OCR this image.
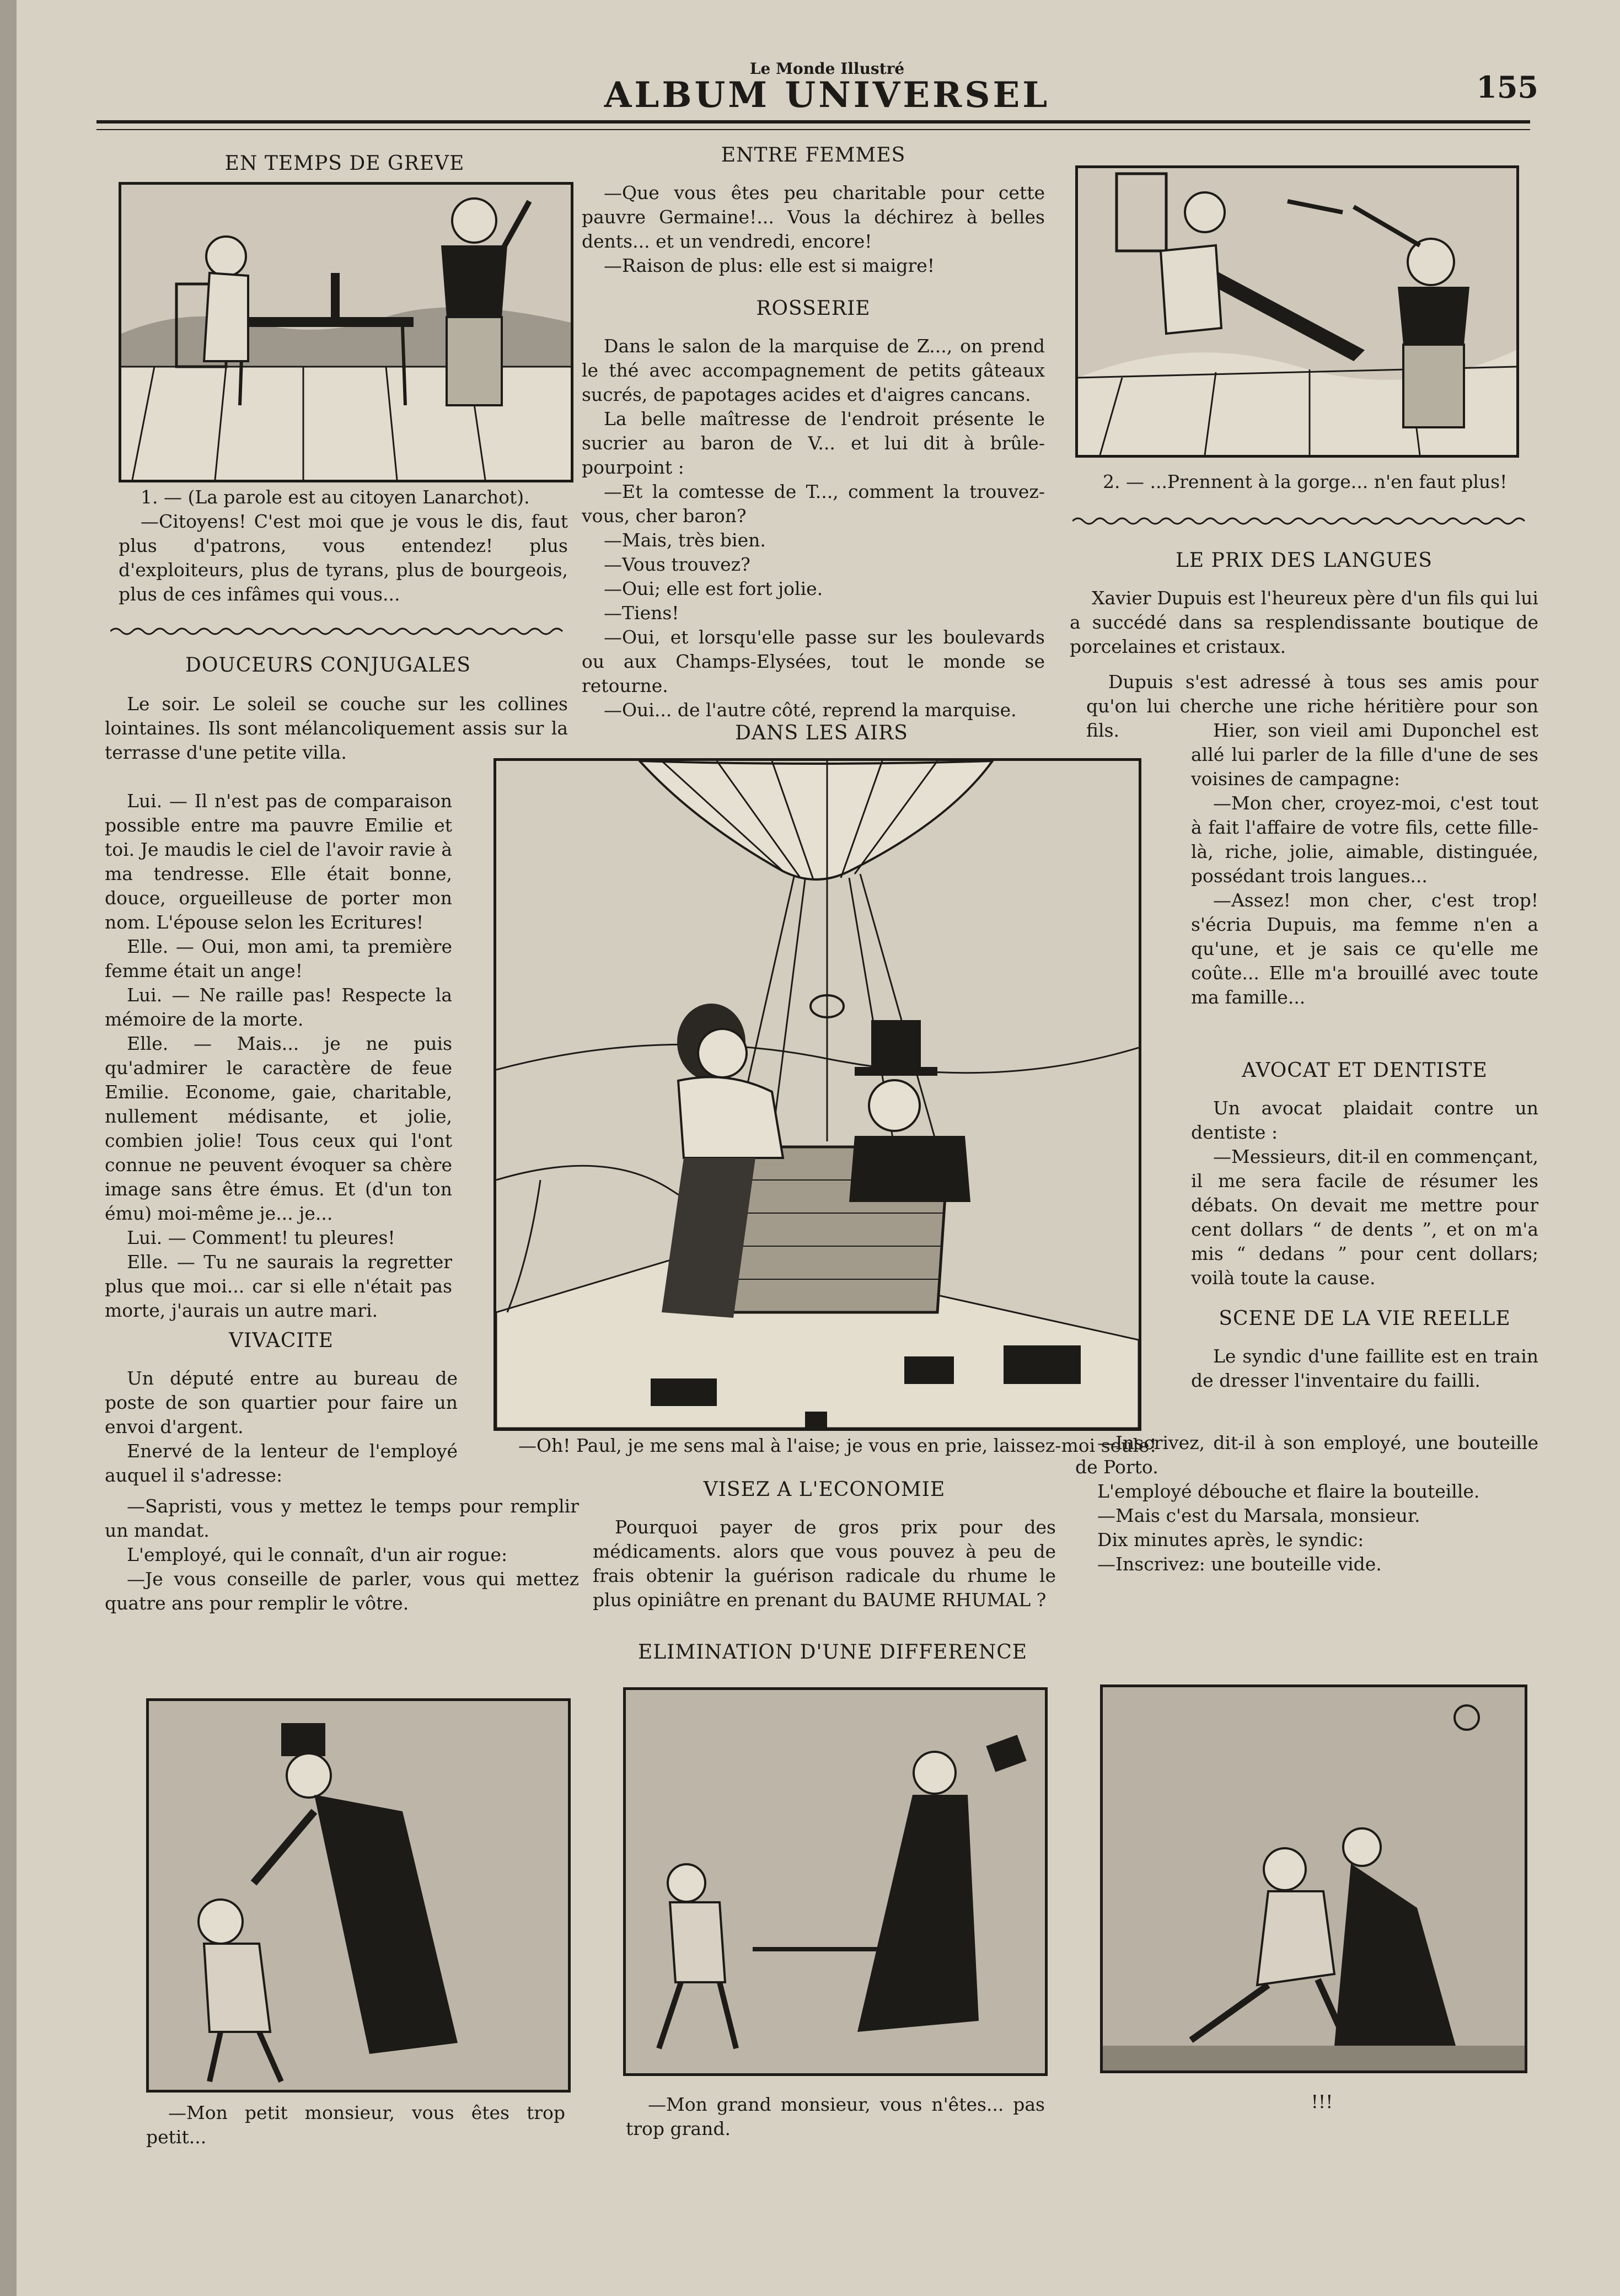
Le Monde Illustré
ALBUM UNIVERSEL	155
EN TEMPS DE GREVE

1. — (La parole est au citoyen Lanarchot).

—Citoyens! C'est moi que je vous le dis, faut plus d'patrons, vous entendez! plus d'exploiteurs, plus de tyrans, plus de bourgeois, plus de ces infâmes qui vous...

DOUCEURS CONJUGALES

Le soir. Le soleil se couche sur les collines lointaines. Ils sont mélancoliquement assis sur la terrasse d'une petite villa.

Lui. — Il n'est pas de comparaison possible entre ma pauvre Emilie et toi. Je maudis le ciel de l'avoir ravie à ma tendresse. Elle était bonne, douce, orgueilleuse de porter mon nom. L'épouse selon les Ecritures!

Elle. — Oui, mon ami, ta première femme était un ange!

Lui. — Ne raille pas! Respecte la mémoire de la morte.

Elle. — Mais... je ne puis qu'admirer le caractère de feue Emilie. Econome, gaie, charitable, nullement médisante, et jolie, combien jolie! Tous ceux qui l'ont connue ne peuvent évoquer sa chère image sans être émus. Et (d'un ton ému) moi-même je... je...

Lui. — Comment! tu pleures!

Elle. — Tu ne saurais la regretter plus que moi... car si elle n'était pas morte, j'aurais un autre mari.

VIVACITE

Un député entre au bureau de poste de son quartier pour faire un envoi d'argent.

Enervé de la lenteur de l'employé auquel il s'adresse:

—Sapristi, vous y mettez le temps pour remplir un mandat.

L'employé, qui le connaît, d'un air rogue:

—Je vous conseille de parler, vous qui mettez quatre ans pour remplir le vôtre.

ENTRE FEMMES

—Que vous êtes peu charitable pour cette pauvre Germaine!... Vous la déchirez à belles dents... et un vendredi, encore!

—Raison de plus: elle est si maigre!

ROSSERIE

Dans le salon de la marquise de Z..., on prend le thé avec accompagnement de petits gâteaux sucrés, de papotages acides et d'aigres cancans.

La belle maîtresse de l'endroit présente le sucrier au baron de V... et lui dit à brûle-pourpoint :

—Et la comtesse de T..., comment la trouvez-vous, cher baron?

—Mais, très bien.

—Vous trouvez?

—Oui; elle est fort jolie.

—Tiens!

—Oui, et lorsqu'elle passe sur les boulevards ou aux Champs-Elysées, tout le monde se retourne.

—Oui... de l'autre côté, reprend la marquise.

2. — ...Prennent à la gorge... n'en faut plus!

LE PRIX DES LANGUES

Xavier Dupuis est l'heureux père d'un fils qui lui a succédé dans sa resplendissante boutique de porcelaines et cristaux.

Dupuis s'est adressé à tous ses amis pour qu'on lui cherche une riche héritière pour son fils.	Hier, son vieil ami Duponchel est allé lui parler de la fille d'une de ses voisines de campagne:

—Mon cher, croyez-moi, c'est tout à fait l'affaire de votre fils, cette fille-là, riche, jolie, aimable, distinguée, possédant trois langues...

—Assez! mon cher, c'est trop! s'écria Dupuis, ma femme n'en a qu'une, et je sais ce qu'elle me coûte... Elle m'a brouillé avec toute ma famille...

AVOCAT ET DENTISTE

Un avocat plaidait contre un dentiste :

—Messieurs, dit-il en commençant, il me sera facile de résumer les débats. On devait me mettre pour cent dollars “ de dents ”, et on m'a mis “ dedans ” pour cent dollars; voilà toute la cause.

SCENE DE LA VIE REELLE

Le syndic d'une faillite est en train de dresser l'inventaire du failli.

—Inscrivez, dit-il à son employé, une bouteille de Porto.

L'employé débouche et flaire la bouteille.

—Mais c'est du Marsala, monsieur.

Dix minutes après, le syndic:

—Inscrivez: une bouteille vide.

DANS LES AIRS

—Oh! Paul, je me sens mal à l'aise; je vous en prie, laissez-moi seule!

VISEZ A L'ECONOMIE

Pourquoi payer de gros prix pour des médicaments. alors que vous pouvez à peu de frais obtenir la guérison radicale du rhume le plus opiniâtre en prenant du BAUME RHUMAL ?

ELIMINATION D'UNE DIFFERENCE

—Mon petit monsieur, vous êtes trop petit...

—Mon grand monsieur, vous n'êtes... pas trop grand.

!!!
